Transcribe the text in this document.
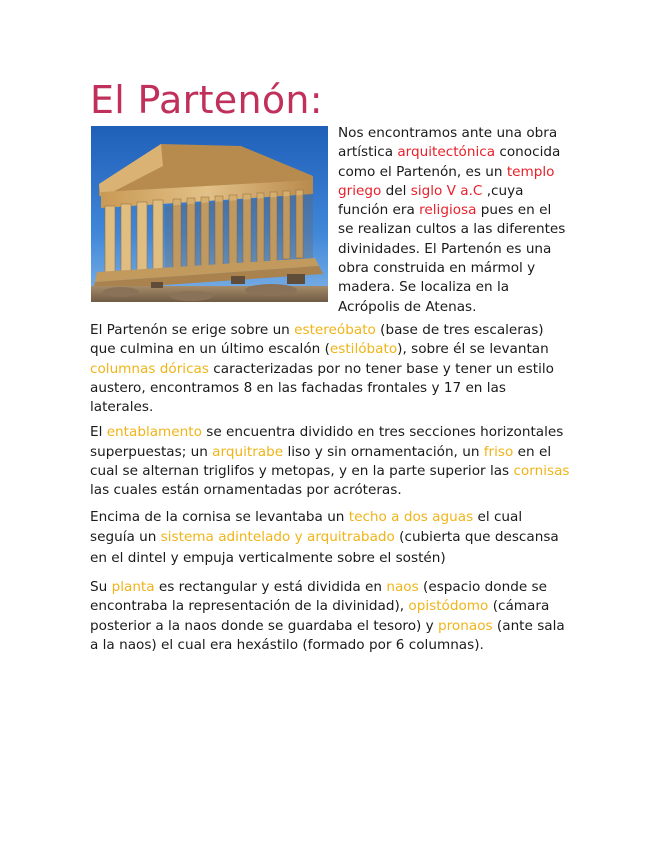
El Partenón:

Nos encontramos ante una obra artística arquitectónica conocida como el Partenón, es un templo griego del siglo V a.C ,cuya función era religiosa pues en el se realizan cultos a las diferentes divinidades. El Partenón es una obra construida en mármol y madera. Se localiza en la Acrópolis de Atenas.

El Partenón se erige sobre un estereóbato (base de tres escaleras) que culmina en un último escalón (estilóbato), sobre él se levantan columnas dóricas caracterizadas por no tener base y tener un estilo austero, encontramos 8 en las fachadas frontales y 17 en las laterales.

El entablamento se encuentra dividido en tres secciones horizontales superpuestas; un arquitrabe liso y sin ornamentación, un friso en el cual se alternan triglifos y metopas, y en la parte superior las cornisas las cuales están ornamentadas por acróteras.

Encima de la cornisa se levantaba un techo a dos aguas el cual seguía un sistema adintelado y arquitrabado (cubierta que descansa en el dintel y empuja verticalmente sobre el sostén)

Su planta es rectangular y está dividida en naos (espacio donde se encontraba la representación de la divinidad), opistódomo (cámara posterior a la naos donde se guardaba el tesoro) y pronaos (ante sala a la naos) el cual era hexástilo (formado por 6 columnas).
